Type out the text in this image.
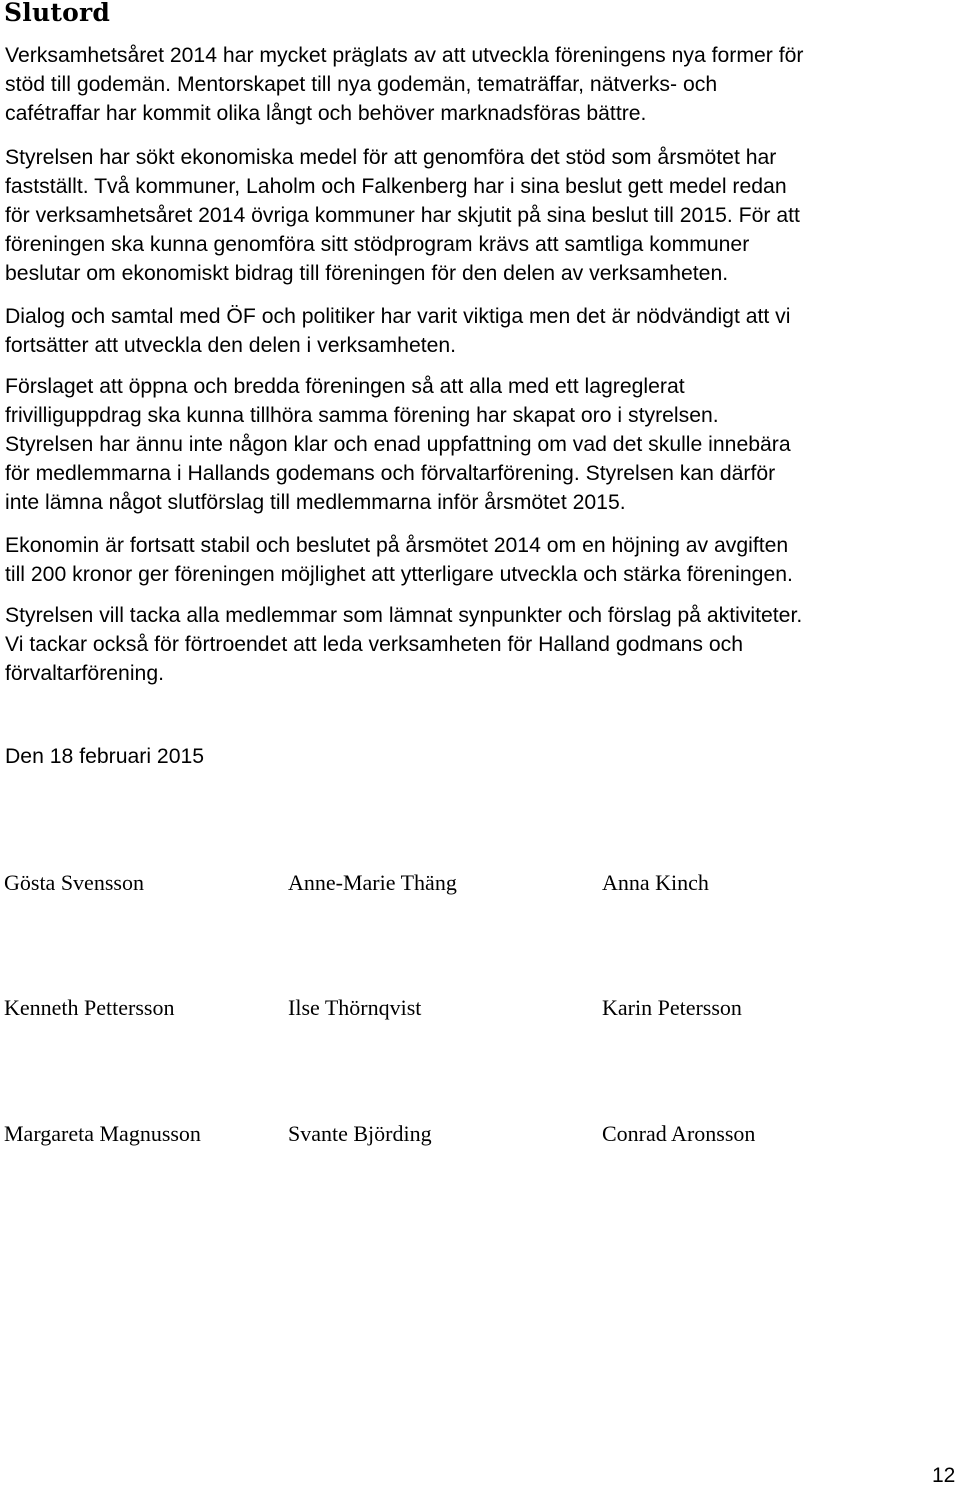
Slutord

Verksamhetsåret 2014 har mycket präglats av att utveckla föreningens nya former för
stöd till godemän. Mentorskapet till nya godemän, tematräffar, nätverks- och
cafétraffar har kommit olika långt och behöver marknadsföras bättre.

Styrelsen har sökt ekonomiska medel för att genomföra det stöd som årsmötet har
fastställt. Två kommuner, Laholm och Falkenberg har i sina beslut gett medel redan
för verksamhetsåret 2014 övriga kommuner har skjutit på sina beslut till 2015. För att
föreningen ska kunna genomföra sitt stödprogram krävs att samtliga kommuner
beslutar om ekonomiskt bidrag till föreningen för den delen av verksamheten.

Dialog och samtal med ÖF och politiker har varit viktiga men det är nödvändigt att vi
fortsätter att utveckla den delen i verksamheten.

Förslaget att öppna och bredda föreningen så att alla med ett lagreglerat
frivilliguppdrag ska kunna tillhöra samma förening har skapat oro i styrelsen.
Styrelsen har ännu inte någon klar och enad uppfattning om vad det skulle innebära
för medlemmarna i Hallands godemans och förvaltarförening. Styrelsen kan därför
inte lämna något slutförslag till medlemmarna inför årsmötet 2015.

Ekonomin är fortsatt stabil och beslutet på årsmötet 2014 om en höjning av avgiften
till 200 kronor ger föreningen möjlighet att ytterligare utveckla och stärka föreningen.

Styrelsen vill tacka alla medlemmar som lämnat synpunkter och förslag på aktiviteter.
Vi tackar också för förtroendet att leda verksamheten för Halland godmans och
förvaltarförening.

Den 18 februari 2015

Gösta Svensson	Anne-Marie Thäng	Anna Kinch
Kenneth Pettersson	Ilse Thörnqvist	Karin Petersson
Margareta Magnusson	Svante Björding	Conrad Aronsson
12
